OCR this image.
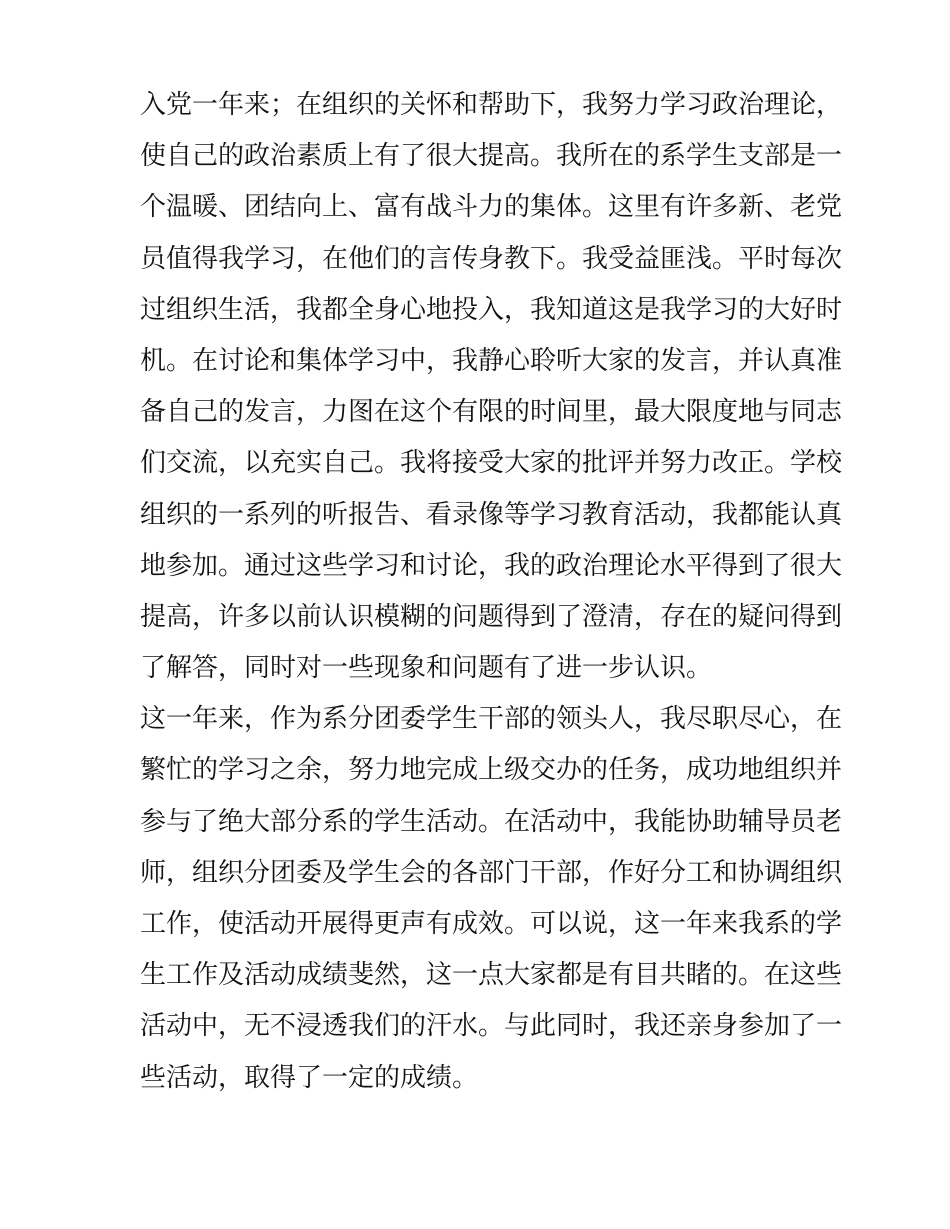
入党一年来；在组织的关怀和帮助下，我努力学习政治理论，
使自己的政治素质上有了很大提高。我所在的系学生支部是一
个温暖、团结向上、富有战斗力的集体。这里有许多新、老党
员值得我学习，在他们的言传身教下。我受益匪浅。平时每次
过组织生活，我都全身心地投入，我知道这是我学习的大好时
机。在讨论和集体学习中，我静心聆听大家的发言，并认真准
备自己的发言，力图在这个有限的时间里，最大限度地与同志
们交流，以充实自己。我将接受大家的批评并努力改正。学校
组织的一系列的听报告、看录像等学习教育活动，我都能认真
地参加。通过这些学习和讨论，我的政治理论水平得到了很大
提高，许多以前认识模糊的问题得到了澄清，存在的疑问得到
了解答，同时对一些现象和问题有了进一步认识。
这一年来，作为系分团委学生干部的领头人，我尽职尽心，在
繁忙的学习之余，努力地完成上级交办的任务，成功地组织并
参与了绝大部分系的学生活动。在活动中，我能协助辅导员老
师，组织分团委及学生会的各部门干部，作好分工和协调组织
工作，使活动开展得更声有成效。可以说，这一年来我系的学
生工作及活动成绩斐然，这一点大家都是有目共睹的。在这些
活动中，无不浸透我们的汗水。与此同时，我还亲身参加了一
些活动，取得了一定的成绩。
